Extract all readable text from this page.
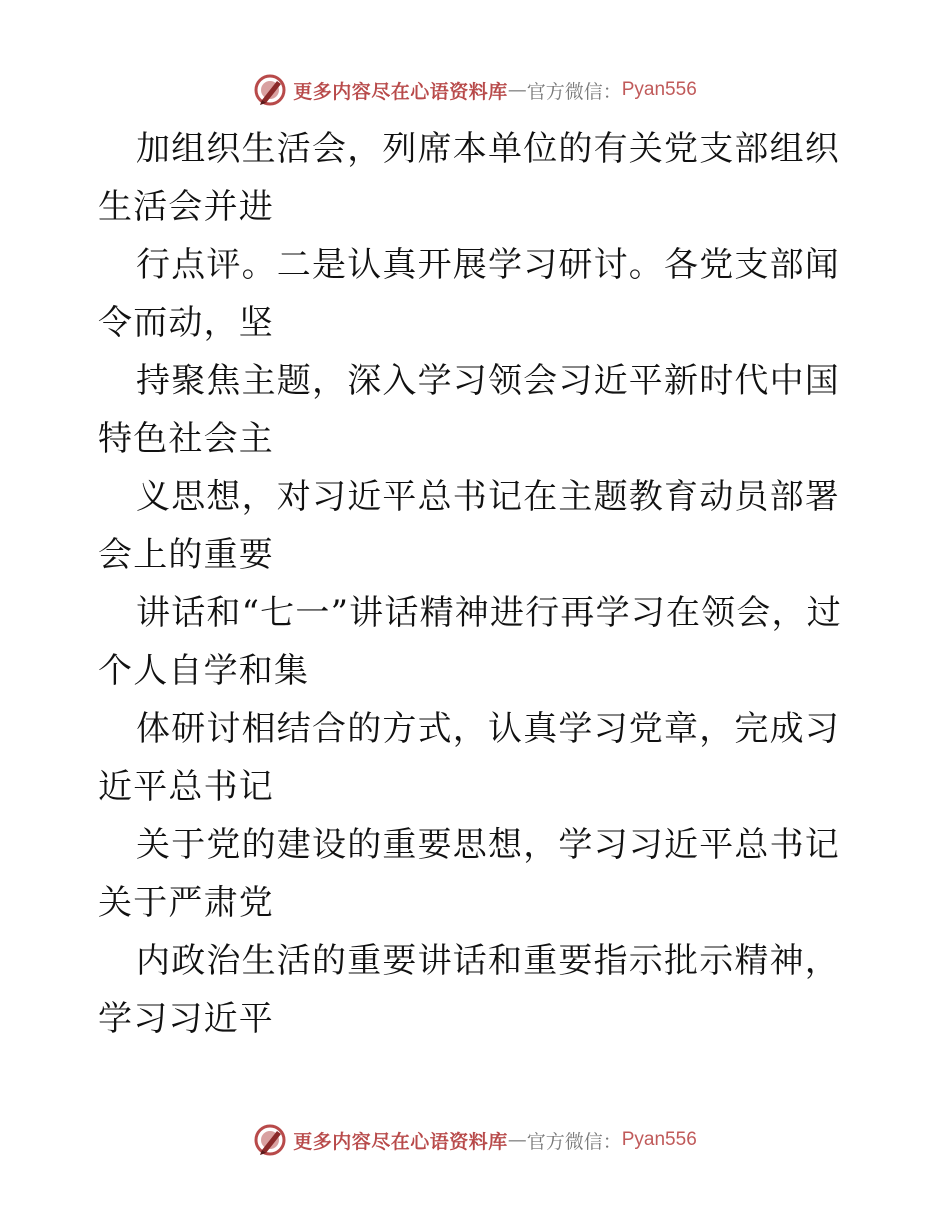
更多内容尽在心语资料库 — 官方微信： Pyan556

加组织生活会，列席本单位的有关党支部组织生活会并进

行点评。二是认真开展学习研讨。各党支部闻令而动，坚

持聚焦主题，深入学习领会习近平新时代中国特色社会主

义思想，对习近平总书记在主题教育动员部署会上的重要

讲话和“七一”讲话精神进行再学习在领会，过个人自学和集

体研讨相结合的方式，认真学习党章，完成习近平总书记

关于党的建设的重要思想，学习习近平总书记关于严肃党

内政治生活的重要讲话和重要指示批示精神，学习习近平

更多内容尽在心语资料库 — 官方微信： Pyan556
